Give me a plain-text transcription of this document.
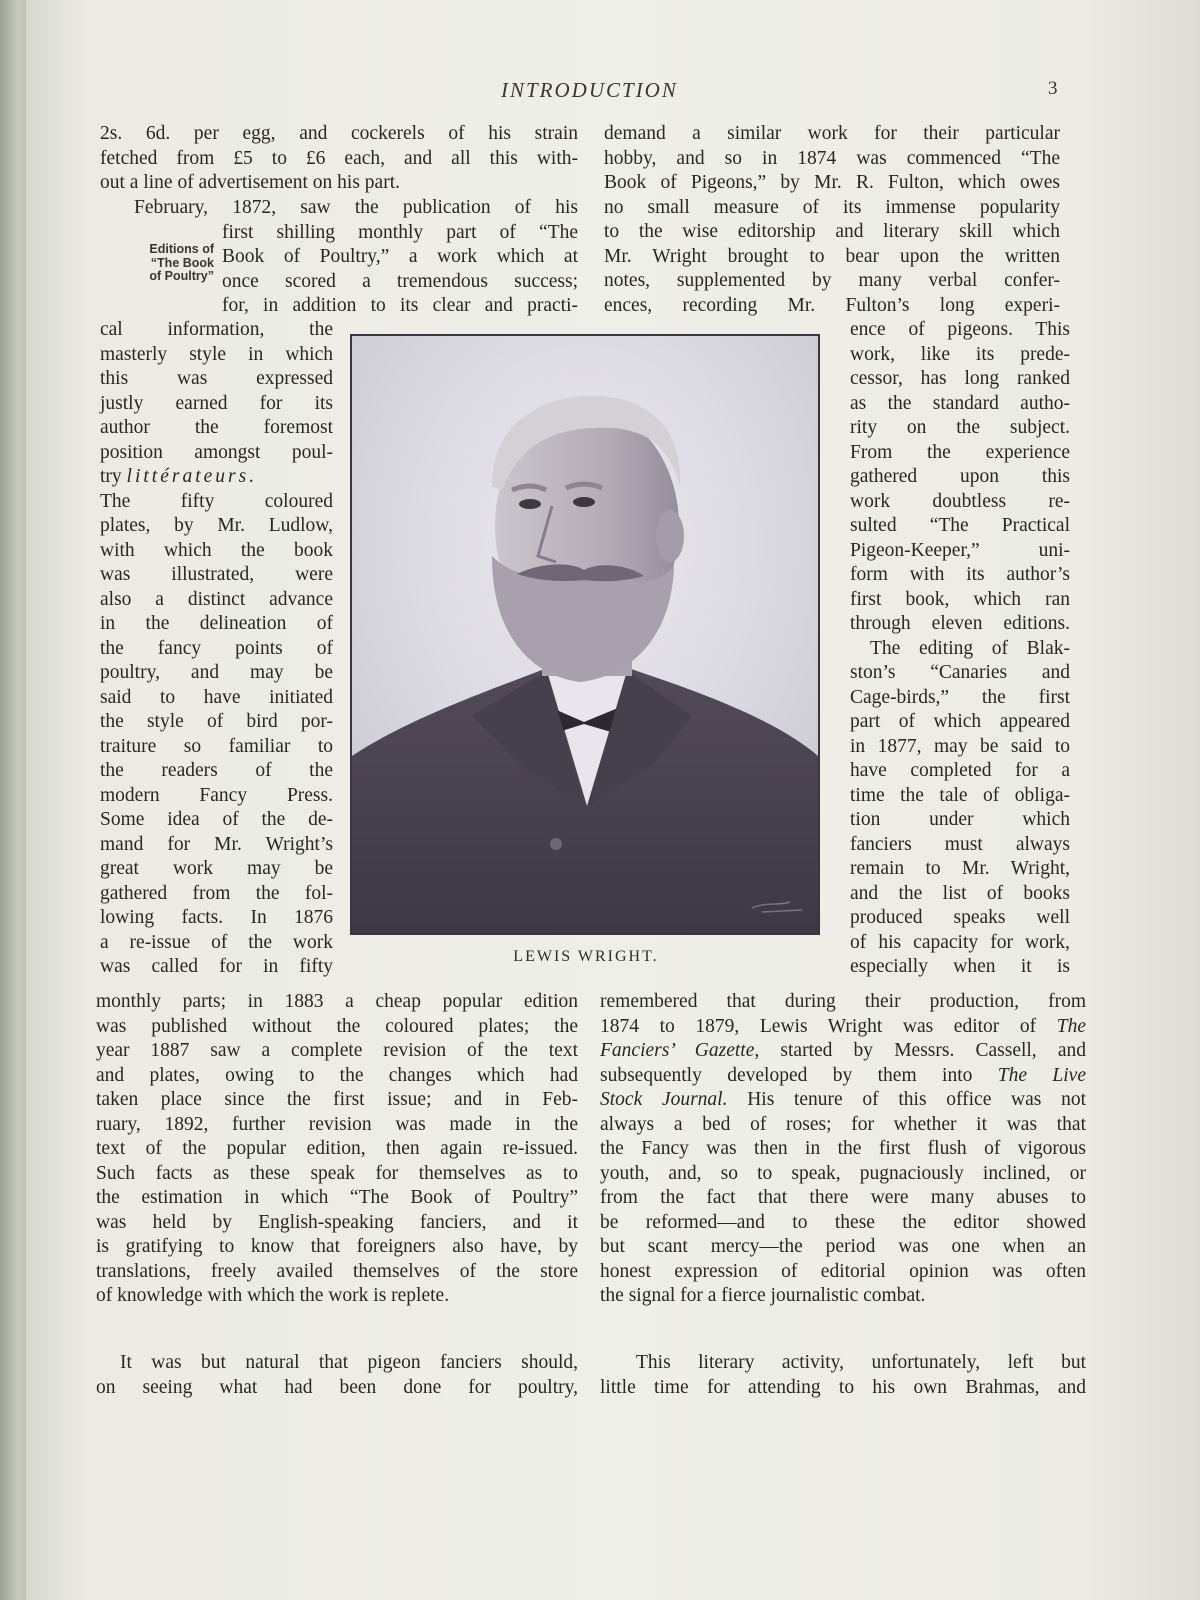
INTRODUCTION	3
2s. 6d. per egg, and cockerels of his strain
fetched from £5 to £6 each, and all this with-
out a line of advertisement on his part.
February, 1872, saw the publication of his
first shilling monthly part of “The
Book of Poultry,” a work which at
once scored a tremendous success;
for, in addition to its clear and practi-
Editions of
“The Book
of Poultry”
cal information, the
masterly style in which
this was expressed
justly earned for its
author the foremost
position amongst poul-
try littérateurs.
The fifty coloured
plates, by Mr. Ludlow,
with which the book
was illustrated, were
also a distinct advance
in the delineation of
the fancy points of
poultry, and may be
said to have initiated
the style of bird por-
traiture so familiar to
the readers of the
modern Fancy Press.
Some idea of the de-
mand for Mr. Wright’s
great work may be
gathered from the fol-
lowing facts. In 1876
a re-issue of the work
was called for in fifty
monthly parts; in 1883 a cheap popular edition
was published without the coloured plates; the
year 1887 saw a complete revision of the text
and plates, owing to the changes which had
taken place since the first issue; and in Feb-
ruary, 1892, further revision was made in the
text of the popular edition, then again re-issued.
Such facts as these speak for themselves as to
the estimation in which “The Book of Poultry”
was held by English-speaking fanciers, and it
is gratifying to know that foreigners also have, by
translations, freely availed themselves of the store
of knowledge with which the work is replete.
It was but natural that pigeon fanciers should,
on seeing what had been done for poultry,
demand a similar work for their particular
hobby, and so in 1874 was commenced “The
Book of Pigeons,” by Mr. R. Fulton, which owes
no small measure of its immense popularity
to the wise editorship and literary skill which
Mr. Wright brought to bear upon the written
notes, supplemented by many verbal confer-
ences, recording Mr. Fulton’s long experi-
ence of pigeons. This
work, like its prede-
cessor, has long ranked
as the standard autho-
rity on the subject.
From the experience
gathered upon this
work doubtless re-
sulted “The Practical
Pigeon-Keeper,” uni-
form with its author’s
first book, which ran
through eleven editions.
The editing of Blak-
ston’s “Canaries and
Cage-birds,” the first
part of which appeared
in 1877, may be said to
have completed for a
time the tale of obliga-
tion under which
fanciers must always
remain to Mr. Wright,
and the list of books
produced speaks well
of his capacity for work,
especially when it is
remembered that during their production, from
1874 to 1879, Lewis Wright was editor of The
Fanciers’ Gazette, started by Messrs. Cassell, and
subsequently developed by them into The Live
Stock Journal. His tenure of this office was not
always a bed of roses; for whether it was that
the Fancy was then in the first flush of vigorous
youth, and, so to speak, pugnaciously inclined, or
from the fact that there were many abuses to
be reformed—and to these the editor showed
but scant mercy—the period was one when an
honest expression of editorial opinion was often
the signal for a fierce journalistic combat.
This literary activity, unfortunately, left but
little time for attending to his own Brahmas, and
LEWIS WRIGHT.
